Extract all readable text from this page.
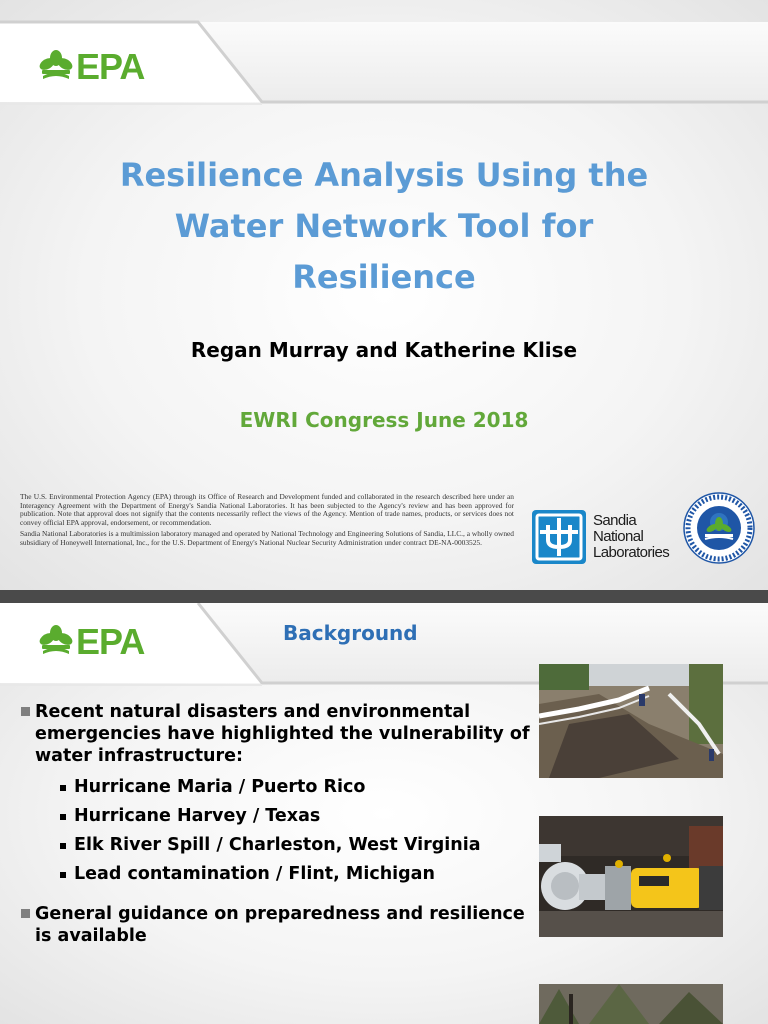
EPA
Resilience Analysis Using the Water Network Tool for Resilience
Regan Murray and Katherine Klise
EWRI Congress June 2018

The U.S. Environmental Protection Agency (EPA) through its Office of Research and Development funded and collaborated in the research described here under an Interagency Agreement with the Department of Energy's Sandia National Laboratories. It has been subjected to the Agency's review and has been approved for publication. Note that approval does not signify that the contents necessarily reflect the views of the Agency. Mention of trade names, products, or services does not convey official EPA approval, endorsement, or recommendation.

Sandia National Laboratories is a multimission laboratory managed and operated by National Technology and Engineering Solutions of Sandia, LLC., a wholly owned subsidiary of Honeywell International, Inc., for the U.S. Department of Energy's National Nuclear Security Administration under contract DE-NA-0003525.

Sandia
National
Laboratories
EPA	Background
Recent natural disasters and environmental emergencies have highlighted the vulnerability of water infrastructure:
Hurricane Maria / Puerto Rico
Hurricane Harvey / Texas
Elk River Spill / Charleston, West Virginia
Lead contamination / Flint, Michigan
General guidance on preparedness and resilience is available
